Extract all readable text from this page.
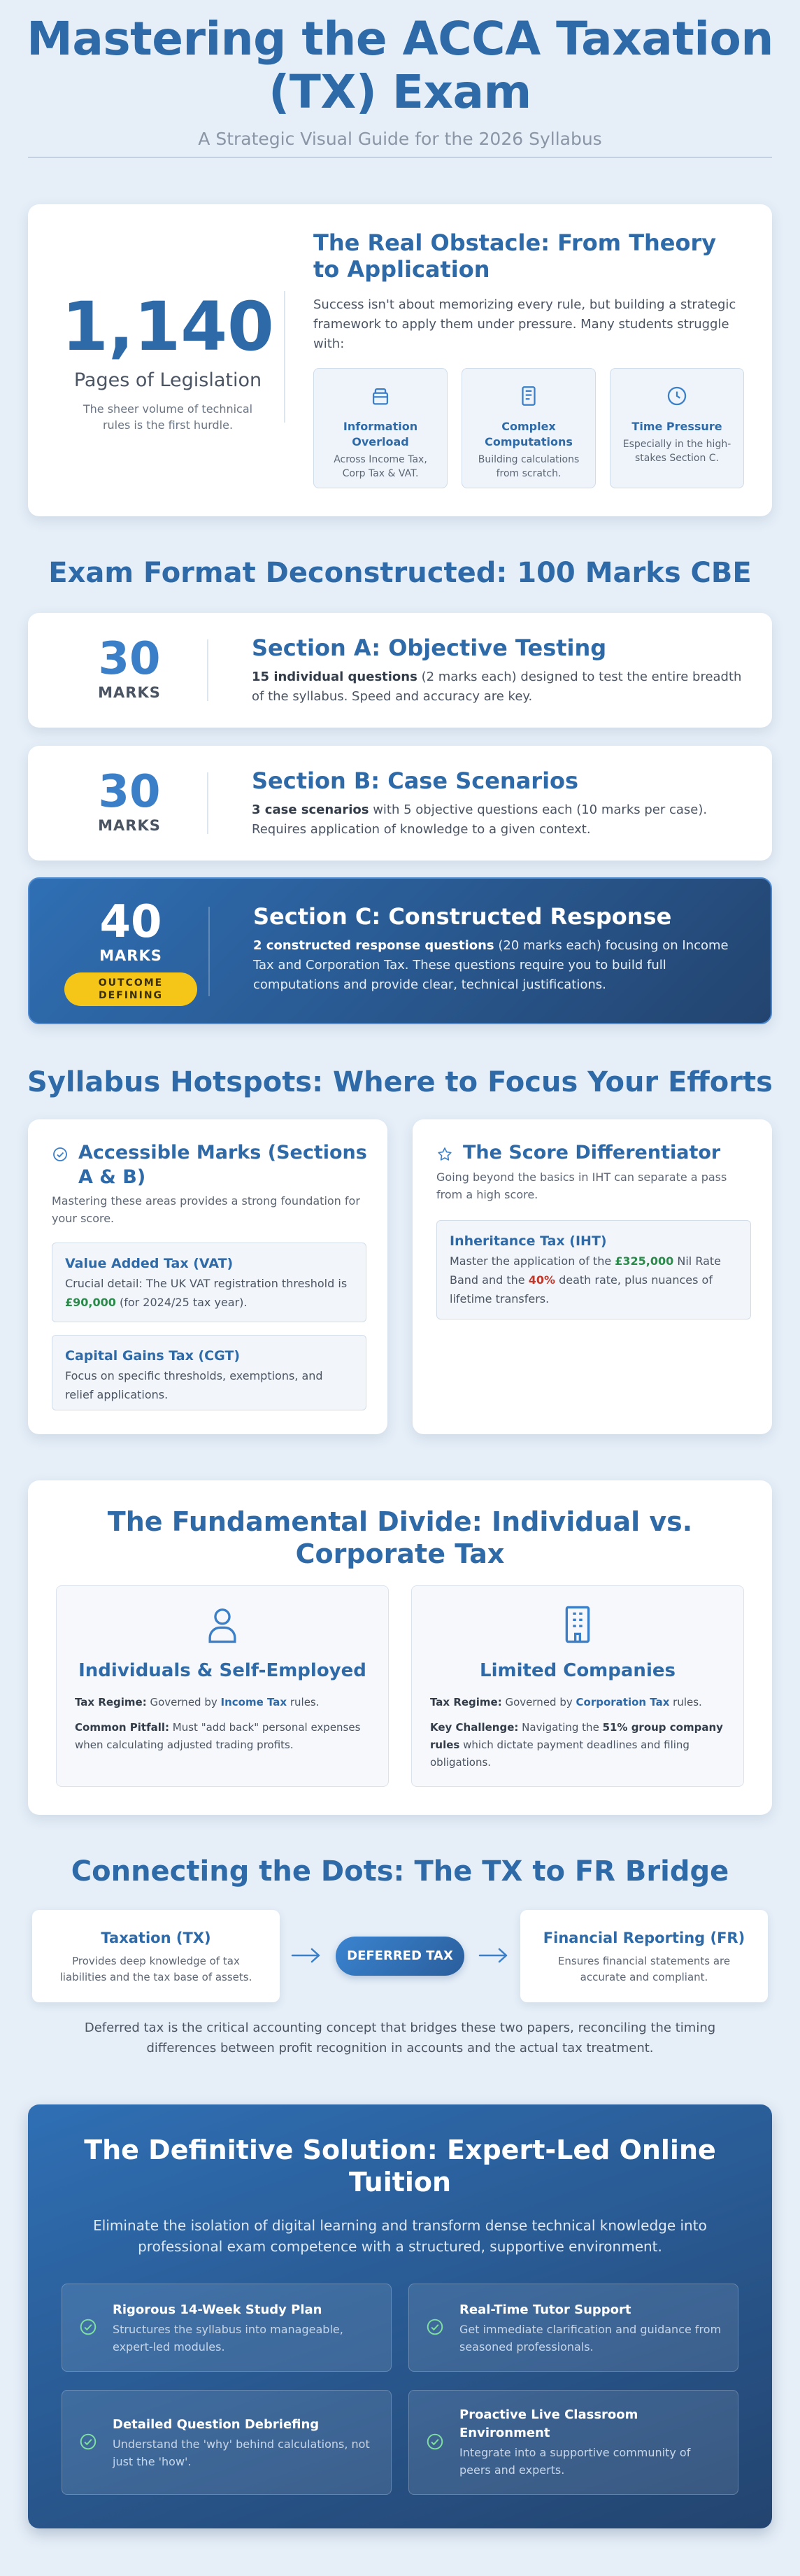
Mastering the ACCA Taxation
(TX) Exam
A Strategic Visual Guide for the 2026 Syllabus
1,140
Pages of Legislation
The sheer volume of technical rules is the first hurdle.
The Real Obstacle: From Theory to Application

Success isn't about memorizing every rule, but building a strategic framework to apply them under pressure. Many students struggle with:

Information Overload
Across Income Tax, Corp Tax & VAT.
Complex Computations
Building calculations from scratch.
Time Pressure
Especially in the high-stakes Section C.
Exam Format Deconstructed: 100 Marks CBE
30
MARKS
Section A: Objective Testing

15 individual questions (2 marks each) designed to test the entire breadth of the syllabus. Speed and accuracy are key.

30
MARKS
Section B: Case Scenarios

3 case scenarios with 5 objective questions each (10 marks per case). Requires application of knowledge to a given context.

40
MARKS
OUTCOME
DEFINING
Section C: Constructed Response

2 constructed response questions (20 marks each) focusing on Income Tax and Corporation Tax. These questions require you to build full computations and provide clear, technical justifications.

Syllabus Hotspots: Where to Focus Your Efforts
Accessible Marks (Sections A & B)

Mastering these areas provides a strong foundation for your score.

Value Added Tax (VAT)
Crucial detail: The UK VAT registration threshold is £90,000 (for 2024/25 tax year).
Capital Gains Tax (CGT)
Focus on specific thresholds, exemptions, and relief applications.
The Score Differentiator

Going beyond the basics in IHT can separate a pass from a high score.

Inheritance Tax (IHT)
Master the application of the £325,000 Nil Rate Band and the 40% death rate, plus nuances of lifetime transfers.
The Fundamental Divide: Individual vs.
Corporate Tax
Individuals & Self-Employed
Tax Regime: Governed by Income Tax rules.
Common Pitfall: Must "add back" personal expenses when calculating adjusted trading profits.
Limited Companies
Tax Regime: Governed by Corporation Tax rules.
Key Challenge: Navigating the 51% group company rules which dictate payment deadlines and filing obligations.
Connecting the Dots: The TX to FR Bridge
Taxation (TX)
Provides deep knowledge of tax liabilities and the tax base of assets.
DEFERRED TAX
Financial Reporting (FR)
Ensures financial statements are accurate and compliant.

Deferred tax is the critical accounting concept that bridges these two papers, reconciling the timing differences between profit recognition in accounts and the actual tax treatment.

The Definitive Solution: Expert-Led Online
Tuition

Eliminate the isolation of digital learning and transform dense technical knowledge into professional exam competence with a structured, supportive environment.

Rigorous 14-Week Study Plan
Structures the syllabus into manageable, expert-led modules.
Real-Time Tutor Support
Get immediate clarification and guidance from seasoned professionals.
Detailed Question Debriefing
Understand the 'why' behind calculations, not just the 'how'.
Proactive Live Classroom Environment
Integrate into a supportive community of peers and experts.
